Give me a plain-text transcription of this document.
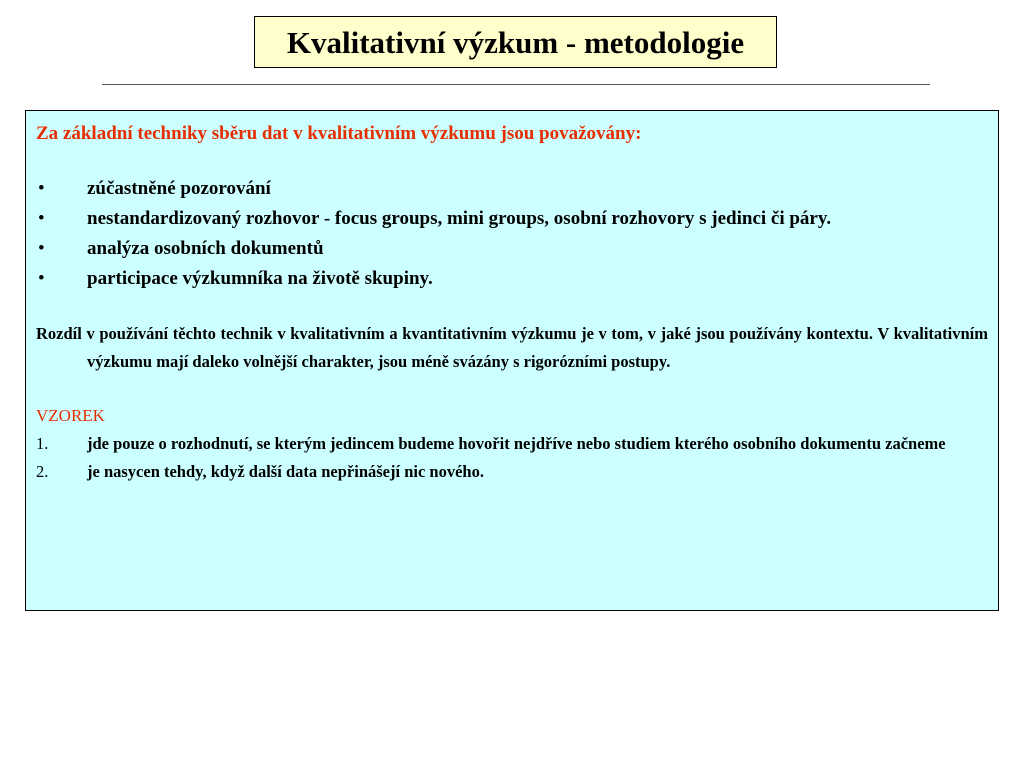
Kvalitativní výzkum - metodologie

Za základní techniky sběru dat v kvalitativním výzkumu jsou považovány:

• zúčastněné pozorování
• nestandardizovaný rozhovor - focus groups, mini groups, osobní rozhovory s jedinci či páry.
• analýza osobních dokumentů
• participace výzkumníka na životě skupiny.

Rozdíl v používání těchto technik v kvalitativním a kvantitativním výzkumu je v tom, v jaké jsou používány kontextu. V kvalitativním výzkumu mají daleko volnější charakter, jsou méně svázány s rigorózními postupy.

VZOREK

1. jde pouze o rozhodnutí, se kterým jedincem budeme hovořit nejdříve nebo studiem kterého osobního dokumentu začneme
2. je nasycen tehdy, když další data nepřinášejí nic nového.
